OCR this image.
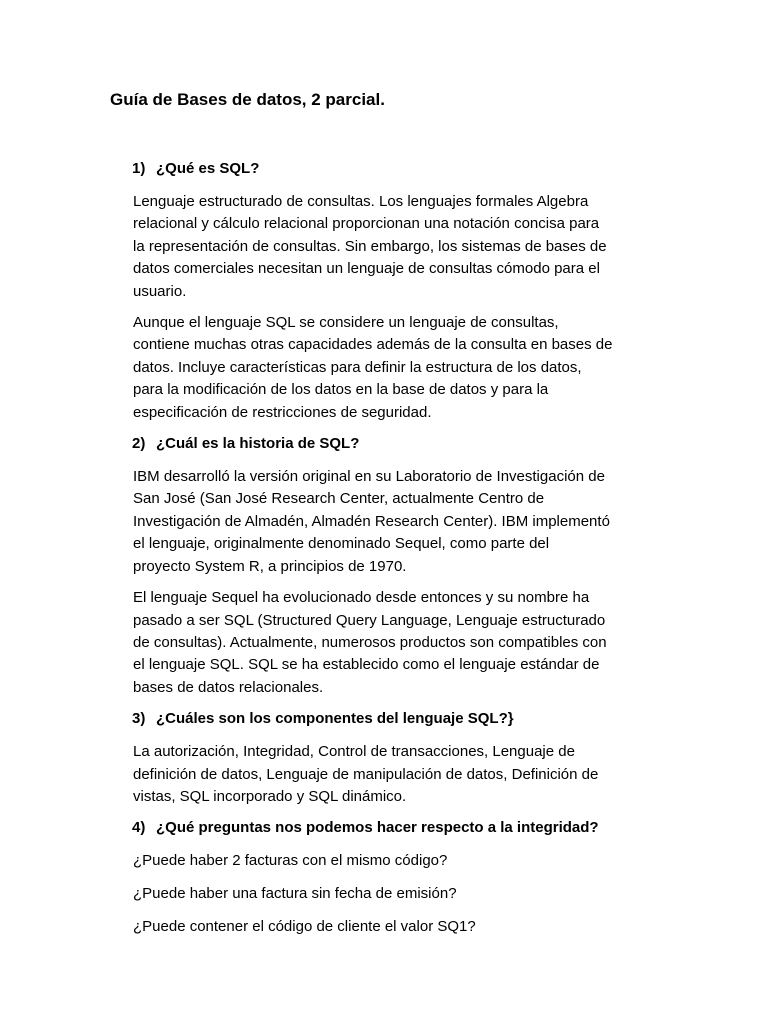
Guía de Bases de datos, 2 parcial.
1) ¿Qué es SQL?

Lenguaje estructurado de consultas. Los lenguajes formales Algebra
relacional y cálculo relacional proporcionan una notación concisa para
la representación de consultas. Sin embargo, los sistemas de bases de
datos comerciales necesitan un lenguaje de consultas cómodo para el
usuario.

Aunque el lenguaje SQL se considere un lenguaje de consultas,
contiene muchas otras capacidades además de la consulta en bases de
datos. Incluye características para definir la estructura de los datos,
para la modificación de los datos en la base de datos y para la
especificación de restricciones de seguridad.

2) ¿Cuál es la historia de SQL?

IBM desarrolló la versión original en su Laboratorio de Investigación de
San José (San José Research Center, actualmente Centro de
Investigación de Almadén, Almadén Research Center). IBM implementó
el lenguaje, originalmente denominado Sequel, como parte del
proyecto System R, a principios de 1970.

El lenguaje Sequel ha evolucionado desde entonces y su nombre ha
pasado a ser SQL (Structured Query Language, Lenguaje estructurado
de consultas). Actualmente, numerosos productos son compatibles con
el lenguaje SQL. SQL se ha establecido como el lenguaje estándar de
bases de datos relacionales.

3) ¿Cuáles son los componentes del lenguaje SQL?}

La autorización, Integridad, Control de transacciones, Lenguaje de
definición de datos, Lenguaje de manipulación de datos, Definición de
vistas, SQL incorporado y SQL dinámico.

4) ¿Qué preguntas nos podemos hacer respecto a la integridad?

¿Puede haber 2 facturas con el mismo código?

¿Puede haber una factura sin fecha de emisión?

¿Puede contener el código de cliente el valor SQ1?
